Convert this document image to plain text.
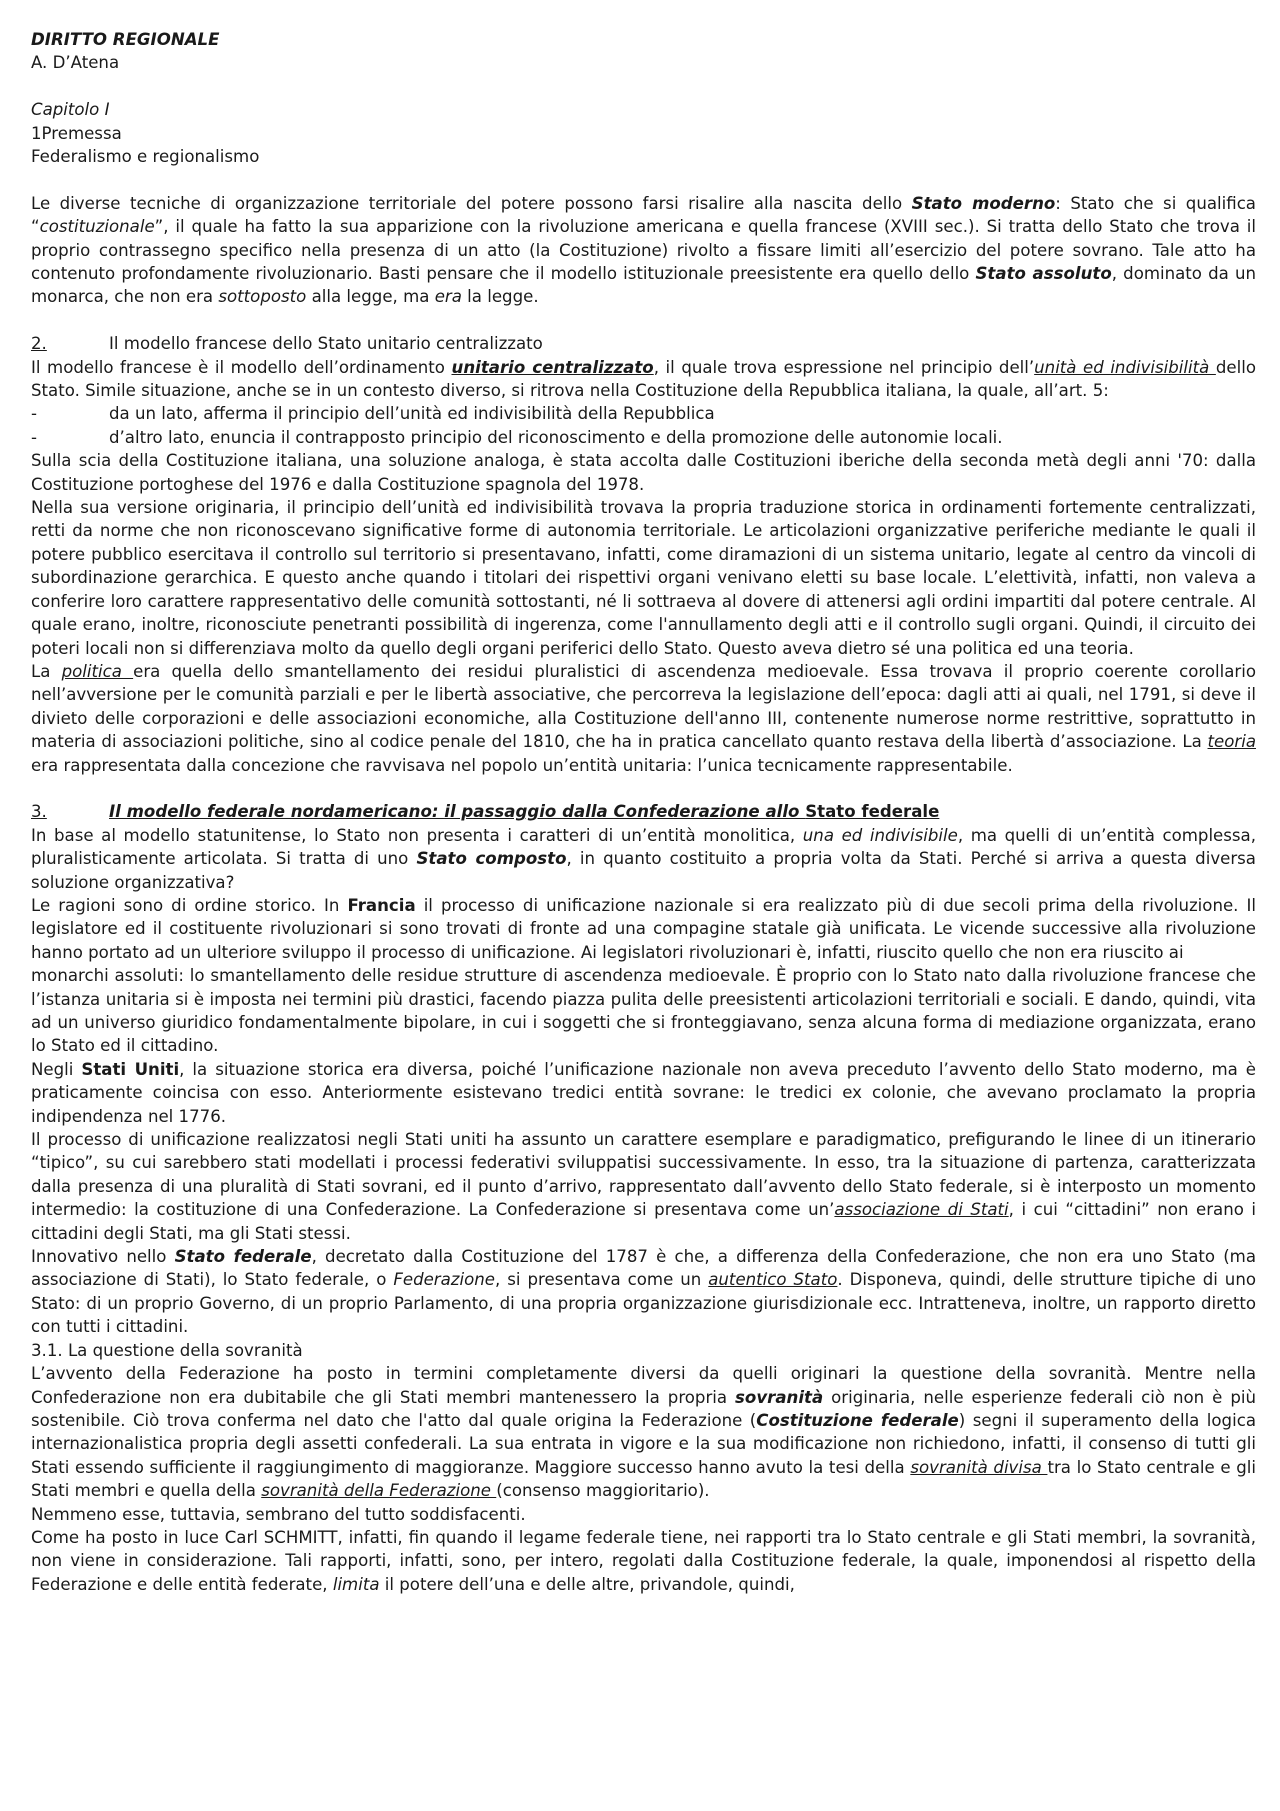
DIRITTO REGIONALE

A. D’Atena

Capitolo I

1Premessa

Federalismo e regionalismo

Le diverse tecniche di organizzazione territoriale del potere possono farsi risalire alla nascita dello Stato moderno: Stato che si qualifica “costituzionale”, il quale ha fatto la sua apparizione con la rivoluzione americana e quella francese (XVIII sec.). Si tratta dello Stato che trova il proprio contrassegno specifico nella presenza di un atto (la Costituzione) rivolto a fissare limiti all’esercizio del potere sovrano. Tale atto ha contenuto profondamente rivoluzionario. Basti pensare che il modello istituzionale preesistente era quello dello Stato assoluto, dominato da un monarca, che non era sottoposto alla legge, ma era la legge.

2.	Il modello francese dello Stato unitario centralizzato

Il modello francese è il modello dell’ordinamento unitario centralizzato, il quale trova espressione nel principio dell’unità ed indivisibilità dello Stato. Simile situazione, anche se in un contesto diverso, si ritrova nella Costituzione della Repubblica italiana, la quale, all’art. 5:

-	da un lato, afferma il principio dell’unità ed indivisibilità della Repubblica
-	d’altro lato, enuncia il contrapposto principio del riconoscimento e della promozione delle autonomie locali.

Sulla scia della Costituzione italiana, una soluzione analoga, è stata accolta dalle Costituzioni iberiche della seconda metà degli anni '70: dalla Costituzione portoghese del 1976 e dalla Costituzione spagnola del 1978.

Nella sua versione originaria, il principio dell’unità ed indivisibilità trovava la propria traduzione storica in ordinamenti fortemente centralizzati, retti da norme che non riconoscevano significative forme di autonomia territoriale. Le articolazioni organizzative periferiche mediante le quali il potere pubblico esercitava il controllo sul territorio si presentavano, infatti, come diramazioni di un sistema unitario, legate al centro da vincoli di subordinazione gerarchica. E questo anche quando i titolari dei rispettivi organi venivano eletti su base locale. L’elettività, infatti, non valeva a conferire loro carattere rappresentativo delle comunità sottostanti, né li sottraeva al dovere di attenersi agli ordini impartiti dal potere centrale. Al quale erano, inoltre, riconosciute penetranti possibilità di ingerenza, come l'annullamento degli atti e il controllo sugli organi. Quindi, il circuito dei poteri locali non si differenziava molto da quello degli organi periferici dello Stato. Questo aveva dietro sé una politica ed una teoria.

La politica era quella dello smantellamento dei residui pluralistici di ascendenza medioevale. Essa trovava il proprio coerente corollario nell’avversione per le comunità parziali e per le libertà associative, che percorreva la legislazione dell’epoca: dagli atti ai quali, nel 1791, si deve il divieto delle corporazioni e delle associazioni economiche, alla Costituzione dell'anno III, contenente numerose norme restrittive, soprattutto in materia di associazioni politiche, sino al codice penale del 1810, che ha in pratica cancellato quanto restava della libertà d’associazione. La teoria era rappresentata dalla concezione che ravvisava nel popolo un’entità unitaria: l’unica tecnicamente rappresentabile.

3.	Il modello federale nordamericano: il passaggio dalla Confederazione allo Stato federale

In base al modello statunitense, lo Stato non presenta i caratteri di un’entità monolitica, una ed indivisibile, ma quelli di un’entità complessa, pluralisticamente articolata. Si tratta di uno Stato composto, in quanto costituito a propria volta da Stati. Perché si arriva a questa diversa soluzione organizzativa?

Le ragioni sono di ordine storico. In Francia il processo di unificazione nazionale si era realizzato più di due secoli prima della rivoluzione. Il legislatore ed il costituente rivoluzionari si sono trovati di fronte ad una compagine statale già unificata. Le vicende successive alla rivoluzione hanno portato ad un ulteriore sviluppo il processo di unificazione. Ai legislatori rivoluzionari è, infatti, riuscito quello che non era riuscito ai

monarchi assoluti: lo smantellamento delle residue strutture di ascendenza medioevale. È proprio con lo Stato nato dalla rivoluzione francese che l’istanza unitaria si è imposta nei termini più drastici, facendo piazza pulita delle preesistenti articolazioni territoriali e sociali. E dando, quindi, vita ad un universo giuridico fondamentalmente bipolare, in cui i soggetti che si fronteggiavano, senza alcuna forma di mediazione organizzata, erano lo Stato ed il cittadino.

Negli Stati Uniti, la situazione storica era diversa, poiché l’unificazione nazionale non aveva preceduto l’avvento dello Stato moderno, ma è praticamente coincisa con esso. Anteriormente esistevano tredici entità sovrane: le tredici ex colonie, che avevano proclamato la propria indipendenza nel 1776.

Il processo di unificazione realizzatosi negli Stati uniti ha assunto un carattere esemplare e paradigmatico, prefigurando le linee di un itinerario “tipico”, su cui sarebbero stati modellati i processi federativi sviluppatisi successivamente. In esso, tra la situazione di partenza, caratterizzata dalla presenza di una pluralità di Stati sovrani, ed il punto d’arrivo, rappresentato dall’avvento dello Stato federale, si è interposto un momento intermedio: la costituzione di una Confederazione. La Confederazione si presentava come un’associazione di Stati, i cui “cittadini” non erano i cittadini degli Stati, ma gli Stati stessi.

Innovativo nello Stato federale, decretato dalla Costituzione del 1787 è che, a differenza della Confederazione, che non era uno Stato (ma associazione di Stati), lo Stato federale, o Federazione, si presentava come un autentico Stato. Disponeva, quindi, delle strutture tipiche di uno Stato: di un proprio Governo, di un proprio Parlamento, di una propria organizzazione giurisdizionale ecc. Intratteneva, inoltre, un rapporto diretto con tutti i cittadini.

3.1. La questione della sovranità

L’avvento della Federazione ha posto in termini completamente diversi da quelli originari la questione della sovranità. Mentre nella Confederazione non era dubitabile che gli Stati membri mantenessero la propria sovranità originaria, nelle esperienze federali ciò non è più sostenibile. Ciò trova conferma nel dato che l'atto dal quale origina la Federazione (Costituzione federale) segni il superamento della logica internazionalistica propria degli assetti confederali. La sua entrata in vigore e la sua modificazione non richiedono, infatti, il consenso di tutti gli Stati essendo sufficiente il raggiungimento di maggioranze. Maggiore successo hanno avuto la tesi della sovranità divisa tra lo Stato centrale e gli Stati membri e quella della sovranità della Federazione (consenso maggioritario).

Nemmeno esse, tuttavia, sembrano del tutto soddisfacenti.

Come ha posto in luce Carl SCHMITT, infatti, fin quando il legame federale tiene, nei rapporti tra lo Stato centrale e gli Stati membri, la sovranità, non viene in considerazione. Tali rapporti, infatti, sono, per intero, regolati dalla Costituzione federale, la quale, imponendosi al rispetto della Federazione e delle entità federate, limita il potere dell’una e delle altre, privandole, quindi,
